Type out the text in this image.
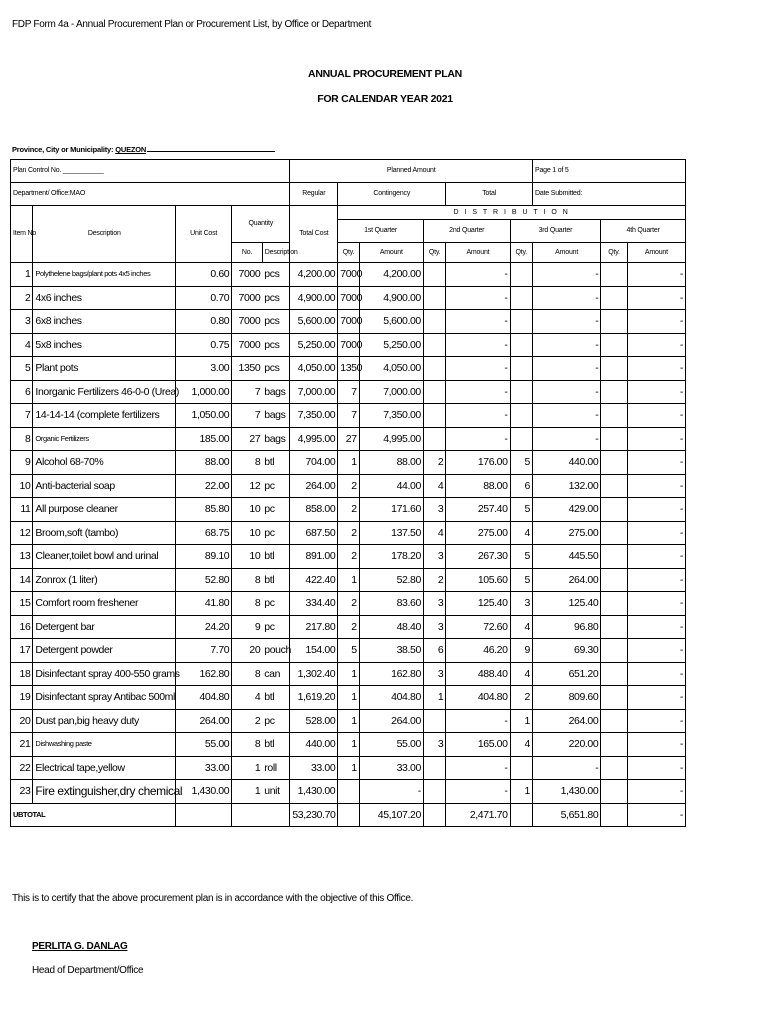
FDP Form 4a - Annual Procurement Plan or Procurement List, by Office or Department
ANNUAL PROCUREMENT PLAN
FOR CALENDAR YEAR 2021
Province, City or Municipality: QUEZON
Plan Control No. ___________					Planned Amount						Page 1 of 5		
Department/ Office:MAO					Regular	Contingency			Total		Date Submitted:		
Item No	Description	Unit Cost	Quantity		Total Cost	D I S T R I B U T I O N							
						1st Quarter		2nd Quarter		3rd Quarter		4th Quarter	
			No.	Description		Qty.	Amount	Qty.	Amount	Qty.	Amount	Qty.	Amount
1	Polythelene bags/plant pots 4x5 inches	0.60	7000	pcs	4,200.00	7000	4,200.00		-		-		-
2	4x6 inches	0.70	7000	pcs	4,900.00	7000	4,900.00		-		-		-
3	6x8 inches	0.80	7000	pcs	5,600.00	7000	5,600.00		-		-		-
4	5x8 inches	0.75	7000	pcs	5,250.00	7000	5,250.00		-		-		-
5	Plant pots	3.00	1350	pcs	4,050.00	1350	4,050.00		-		-		-
6	Inorganic Fertilizers 46-0-0 (Urea)	1,000.00	7	bags	7,000.00	7	7,000.00		-		-		-
7	14-14-14 (complete fertilizers	1,050.00	7	bags	7,350.00	7	7,350.00		-		-		-
8	Organic Fertilizers	185.00	27	bags	4,995.00	27	4,995.00		-		-		-
9	Alcohol 68-70%	88.00	8	btl	704.00	1	88.00	2	176.00	5	440.00		-
10	Anti-bacterial soap	22.00	12	pc	264.00	2	44.00	4	88.00	6	132.00		-
11	All purpose cleaner	85.80	10	pc	858.00	2	171.60	3	257.40	5	429.00		-
12	Broom,soft (tambo)	68.75	10	pc	687.50	2	137.50	4	275.00	4	275.00		-
13	Cleaner,toilet bowl and urinal	89.10	10	btl	891.00	2	178.20	3	267.30	5	445.50		-
14	Zonrox (1 liter)	52.80	8	btl	422.40	1	52.80	2	105.60	5	264.00		-
15	Comfort room freshener	41.80	8	pc	334.40	2	83.60	3	125.40	3	125.40		-
16	Detergent bar	24.20	9	pc	217.80	2	48.40	3	72.60	4	96.80		-
17	Detergent powder	7.70	20	pouch	154.00	5	38.50	6	46.20	9	69.30		-
18	Disinfectant spray 400-550 grams	162.80	8	can	1,302.40	1	162.80	3	488.40	4	651.20		-
19	Disinfectant spray Antibac 500ml	404.80	4	btl	1,619.20	1	404.80	1	404.80	2	809.60		-
20	Dust pan,big heavy duty	264.00	2	pc	528.00	1	264.00		-	1	264.00		-
21	Dishwashing paste	55.00	8	btl	440.00	1	55.00	3	165.00	4	220.00		-
22	Electrical tape,yellow	33.00	1	roll	33.00	1	33.00		-		-		-
23	Fire extinguisher,dry chemical	1,430.00	1	unit	1,430.00		-		-	1	1,430.00		-
UBTOTAL					53,230.70		45,107.20		2,471.70		5,651.80		-
This is to certify that the above procurement plan is in accordance with the objective of this Office.
PERLITA G. DANLAG
Head of Department/Office
